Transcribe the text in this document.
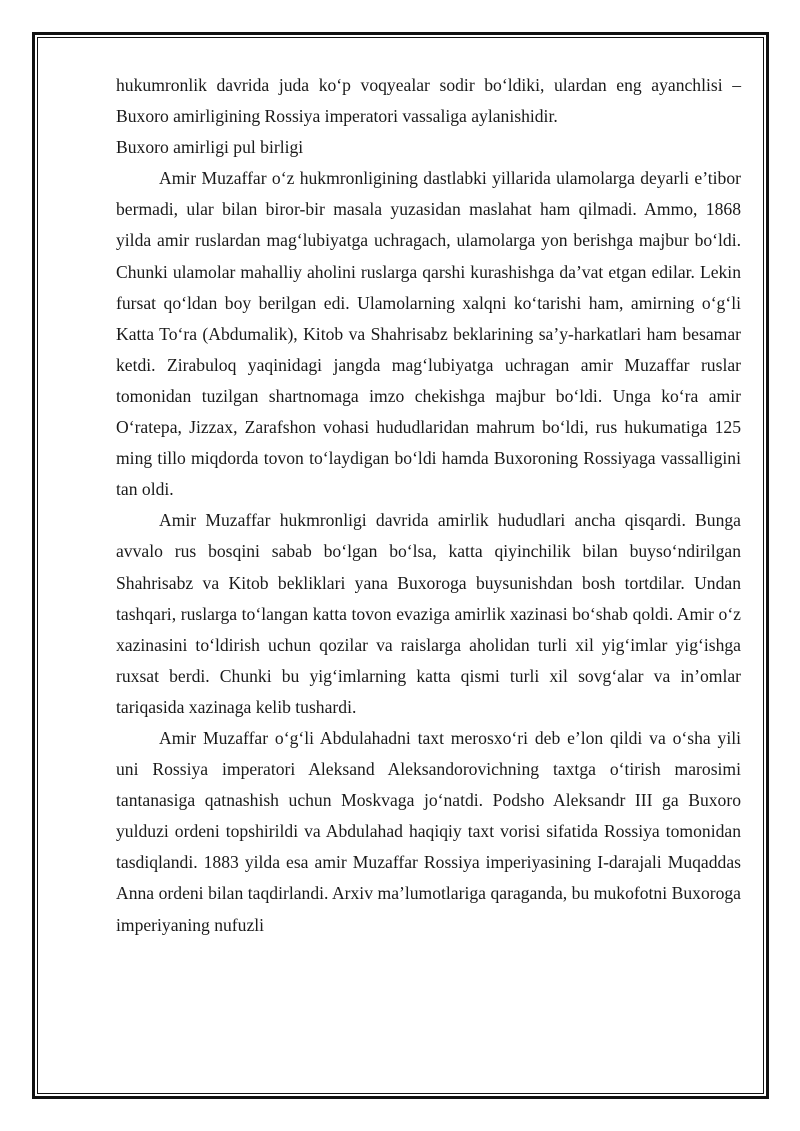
hukumronlik davrida juda ko‘p voqyealar sodir bo‘ldiki, ulardan eng ayanchlisi – Buxoro amirligining Rossiya imperatori vassaliga aylanishidir.

Buxoro amirligi pul birligi

Amir Muzaffar o‘z hukmronligining dastlabki yillarida ulamolarga deyarli e’tibor bermadi, ular bilan biror-bir masala yuzasidan maslahat ham qilmadi. Ammo, 1868 yilda amir ruslardan mag‘lubiyatga uchragach, ulamolarga yon berishga majbur bo‘ldi. Chunki ulamolar mahalliy aholini ruslarga qarshi kurashishga da’vat etgan edilar. Lekin fursat qo‘ldan boy berilgan edi. Ulamolarning xalqni ko‘tarishi ham, amirning o‘g‘li Katta To‘ra (Abdumalik), Kitob va Shahrisabz beklarining sa’y-harkatlari ham besamar ketdi. Zirabuloq yaqinidagi jangda mag‘lubiyatga uchragan amir Muzaffar ruslar tomonidan tuzilgan shartnomaga imzo chekishga majbur bo‘ldi. Unga ko‘ra amir O‘ratepa, Jizzax, Zarafshon vohasi hududlaridan mahrum bo‘ldi, rus hukumatiga 125 ming tillo miqdorda tovon to‘laydigan bo‘ldi hamda Buxoroning Rossiyaga vassalligini tan oldi.

Amir Muzaffar hukmronligi davrida amirlik hududlari ancha qisqardi. Bunga avvalo rus bosqini sabab bo‘lgan bo‘lsa, katta qiyinchilik bilan buyso‘ndirilgan Shahrisabz va Kitob bekliklari yana Buxoroga buysunishdan bosh tortdilar. Undan tashqari, ruslarga to‘langan katta tovon evaziga amirlik xazinasi bo‘shab qoldi. Amir o‘z xazinasini to‘ldirish uchun qozilar va raislarga aholidan turli xil yig‘imlar yig‘ishga ruxsat berdi. Chunki bu yig‘imlarning katta qismi turli xil sovg‘alar va in’omlar tariqasida xazinaga kelib tushardi.

Amir Muzaffar o‘g‘li Abdulahadni taxt merosxo‘ri deb e’lon qildi va o‘sha yili uni Rossiya imperatori Aleksand Aleksandorovichning taxtga o‘tirish marosimi tantanasiga qatnashish uchun Moskvaga jo‘natdi. Podsho Aleksandr III ga Buxoro yulduzi ordeni topshirildi va Abdulahad haqiqiy taxt vorisi sifatida Rossiya tomonidan tasdiqlandi. 1883 yilda esa amir Muzaffar Rossiya imperiyasining I-darajali Muqaddas Anna ordeni bilan taqdirlandi. Arxiv ma’lumotlariga qaraganda, bu mukofotni Buxoroga imperiyaning nufuzli
